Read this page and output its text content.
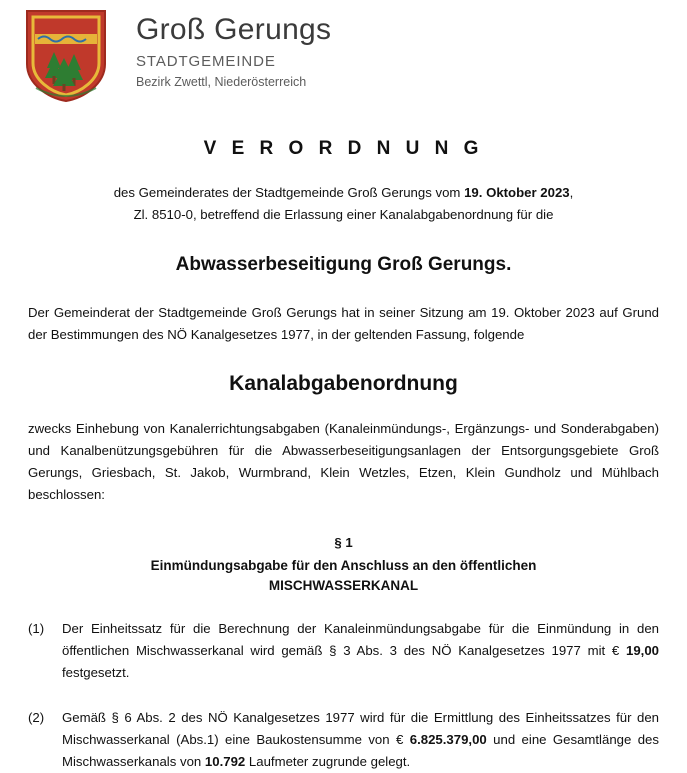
Groß Gerungs
STADTGEMEINDE
Bezirk Zwettl, Niederösterreich
V E R O R D N U N G
des Gemeinderates der Stadtgemeinde Groß Gerungs vom 19. Oktober 2023,
Zl. 8510-0, betreffend die Erlassung einer Kanalabgabenordnung für die
Abwasserbeseitigung Groß Gerungs.
Der Gemeinderat der Stadtgemeinde Groß Gerungs hat in seiner Sitzung am 19. Oktober 2023 auf Grund der Bestimmungen des NÖ Kanalgesetzes 1977, in der geltenden Fassung, folgende
Kanalabgabenordnung
zwecks Einhebung von Kanalerrichtungsabgaben (Kanaleinmündungs-, Ergänzungs- und Sonderabgaben) und Kanalbenützungsgebühren für die Abwasserbeseitigungsanlagen der Entsorgungsgebiete Groß Gerungs, Griesbach, St. Jakob, Wurmbrand, Klein Wetzles, Etzen, Klein Gundholz und Mühlbach beschlossen:
§ 1
Einmündungsabgabe für den Anschluss an den öffentlichen
MISCHWASSERKANAL
(1)	Der Einheitssatz für die Berechnung der Kanaleinmündungsabgabe für die Einmündung in den öffentlichen Mischwasserkanal wird gemäß § 3 Abs. 3 des NÖ Kanalgesetzes 1977 mit € 19,00 festgesetzt.
(2)	Gemäß § 6 Abs. 2 des NÖ Kanalgesetzes 1977 wird für die Ermittlung des Einheitssatzes für den Mischwasserkanal (Abs.1) eine Baukostensumme von € 6.825.379,00 und eine Gesamtlänge des Mischwasserkanals von 10.792 Laufmeter zugrunde gelegt.
